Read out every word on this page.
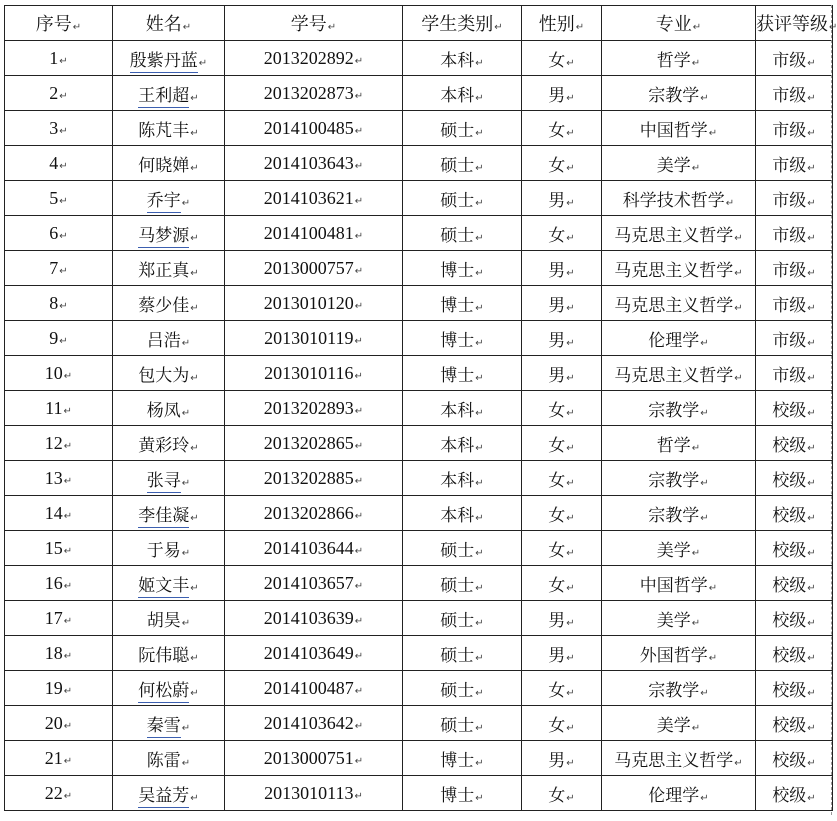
序号↵	姓名↵	学号↵	学生类别↵	性别↵	专业↵	获评等级↵
1↵	殷紫丹蓝↵	2013202892↵	本科↵	女↵	哲学↵	市级↵
2↵	王利超↵	2013202873↵	本科↵	男↵	宗教学↵	市级↵
3↵	陈芃丰↵	2014100485↵	硕士↵	女↵	中国哲学↵	市级↵
4↵	何晓婵↵	2014103643↵	硕士↵	女↵	美学↵	市级↵
5↵	乔宇↵	2014103621↵	硕士↵	男↵	科学技术哲学↵	市级↵
6↵	马梦源↵	2014100481↵	硕士↵	女↵	马克思主义哲学↵	市级↵
7↵	郑正真↵	2013000757↵	博士↵	男↵	马克思主义哲学↵	市级↵
8↵	蔡少佳↵	2013010120↵	博士↵	男↵	马克思主义哲学↵	市级↵
9↵	吕浩↵	2013010119↵	博士↵	男↵	伦理学↵	市级↵
10↵	包大为↵	2013010116↵	博士↵	男↵	马克思主义哲学↵	市级↵
11↵	杨凤↵	2013202893↵	本科↵	女↵	宗教学↵	校级↵
12↵	黄彩玲↵	2013202865↵	本科↵	女↵	哲学↵	校级↵
13↵	张寻↵	2013202885↵	本科↵	女↵	宗教学↵	校级↵
14↵	李佳凝↵	2013202866↵	本科↵	女↵	宗教学↵	校级↵
15↵	于易↵	2014103644↵	硕士↵	女↵	美学↵	校级↵
16↵	姬文丰↵	2014103657↵	硕士↵	女↵	中国哲学↵	校级↵
17↵	胡昊↵	2014103639↵	硕士↵	男↵	美学↵	校级↵
18↵	阮伟聪↵	2014103649↵	硕士↵	男↵	外国哲学↵	校级↵
19↵	何松蔚↵	2014100487↵	硕士↵	女↵	宗教学↵	校级↵
20↵	秦雪↵	2014103642↵	硕士↵	女↵	美学↵	校级↵
21↵	陈雷↵	2013000751↵	博士↵	男↵	马克思主义哲学↵	校级↵
22↵	吴益芳↵	2013010113↵	博士↵	女↵	伦理学↵	校级↵
